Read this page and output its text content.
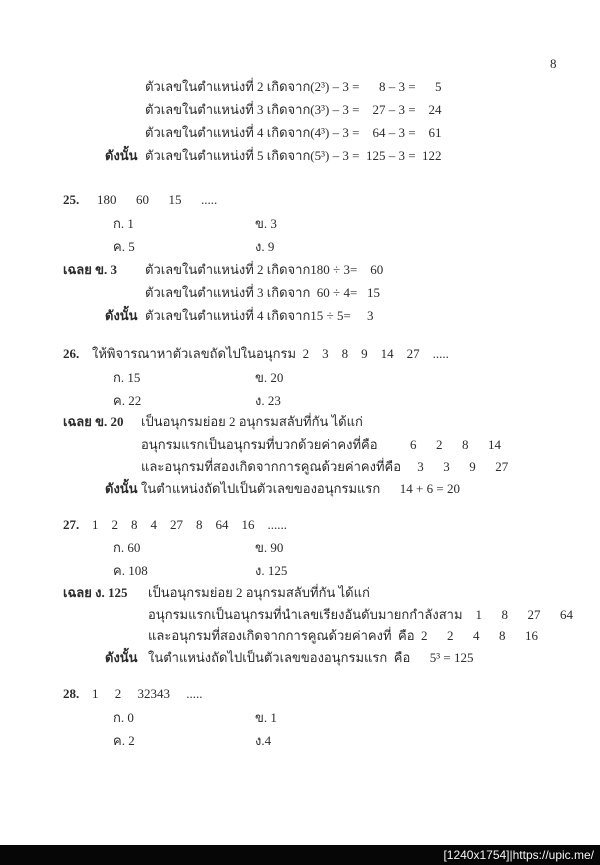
8
ตัวเลขในตำแหน่งที่ 2 เกิดจาก(2³) – 3 =      8 – 3 =      5
ตัวเลขในตำแหน่งที่ 3 เกิดจาก(3³) – 3 =    27 – 3 =    24
ตัวเลขในตำแหน่งที่ 4 เกิดจาก(4³) – 3 =    64 – 3 =    61
ดังนั้น ตัวเลขในตำแหน่งที่ 5 เกิดจาก(5³) – 3 =  125 – 3 =  122
25. 180      60      15      .....
ก. 1	ข. 3
ค. 5	ง. 9
เฉลย ข. 3 ตัวเลขในตำแหน่งที่ 2 เกิดจาก180 ÷ 3=    60
ตัวเลขในตำแหน่งที่ 3 เกิดจาก  60 ÷ 4=   15
ดังนั้น ตัวเลขในตำแหน่งที่ 4 เกิดจาก15 ÷ 5=     3
26. ให้พิจารณาหาตัวเลขถัดไปในอนุกรม  2    3    8    9    14    27    .....
ก. 15	ข. 20
ค. 22	ง. 23
เฉลย ข. 20 เป็นอนุกรมย่อย 2 อนุกรมสลับที่กัน ได้แก่
อนุกรมแรกเป็นอนุกรมที่บวกด้วยค่าคงที่คือ          6      2      8      14
และอนุกรมที่สองเกิดจากการคูณด้วยค่าคงที่คือ     3      3      9      27
ดังนั้น ในตำแหน่งถัดไปเป็นตัวเลขของอนุกรมแรก      14 + 6 = 20
27. 1    2    8    4    27    8    64    16    ......
ก. 60	ข. 90
ค. 108	ง. 125
เฉลย ง. 125 เป็นอนุกรมย่อย 2 อนุกรมสลับที่กัน ได้แก่
อนุกรมแรกเป็นอนุกรมที่นำเลขเรียงอันดับมายกกำลังสาม    1      8      27      64
และอนุกรมที่สองเกิดจากการคูณด้วยค่าคงที่  คือ  2      2      4      8      16
ดังนั้น ในตำแหน่งถัดไปเป็นตัวเลขของอนุกรมแรก  คือ      5³ = 125
28. 1     2     32343     .....
ก. 0	ข. 1
ค. 2	ง.4
[1240x1754]|https://upic.me/
